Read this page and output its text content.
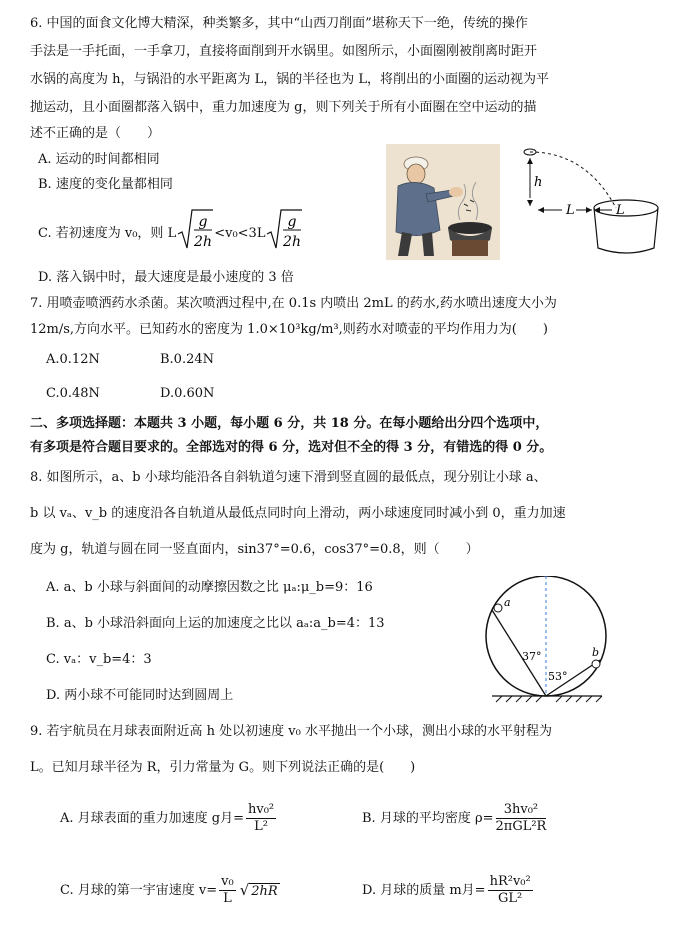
6. 中国的面食文化博大精深，种类繁多，其中“山西刀削面”堪称天下一绝，传统的操作
手法是一手托面，一手拿刀，直接将面削到开水锅里。如图所示，小面圈刚被削离时距开
水锅的高度为 h，与锅沿的水平距离为 L，锅的半径也为 L，将削出的小面圈的运动视为平
抛运动，且小面圈都落入锅中，重力加速度为 g，则下列关于所有小面圈在空中运动的描
述不正确的是（　　）
A. 运动的时间都相同
B. 速度的变化量都相同
C. 若初速度为 v₀，则 L
g
2h
<v₀<3L
g
2h
D. 落入锅中时，最大速度是最小速度的 3 倍
h
L	L
7. 用喷壶喷洒药水杀菌。某次喷洒过程中,在 0.1s 内喷出 2mL 的药水,药水喷出速度大小为
12m/s,方向水平。已知药水的密度为 1.0×10³kg/m³,则药水对喷壶的平均作用力为(　　)
A.0.12N	B.0.24N
C.0.48N	D.0.60N
二、多项选择题：本题共 3 小题，每小题 6 分，共 18 分。在每小题给出分四个选项中，
有多项是符合题目要求的。全部选对的得 6 分，选对但不全的得 3 分，有错选的得 0 分。
8. 如图所示，a、b 小球均能沿各自斜轨道匀速下滑到竖直圆的最低点，现分别让小球 a、
b 以 vₐ、v_b 的速度沿各自轨道从最低点同时向上滑动，两小球速度同时减小到 0，重力加速
度为 g，轨道与圆在同一竖直面内，sin37°=0.6，cos37°=0.8，则（　　）
A. a、b 小球与斜面间的动摩擦因数之比 μₐ:μ_b=9：16
B. a、b 小球沿斜面向上运的加速度之比以 aₐ:a_b=4：13
C. vₐ：v_b=4：3
D. 两小球不可能同时达到圆周上
a
b
37°
53°
9. 若宇航员在月球表面附近高 h 处以初速度 v₀ 水平抛出一个小球，测出小球的水平射程为
L。已知月球半径为 R，引力常量为 G。则下列说法正确的是(　　)
A. 月球表面的重力加速度 g月= $\frac{\text{hv₀²}}{\text{L²}}$	B. 月球的平均密度 $\rho= \frac{\text{3hv₀²}}{\text{2πGL²R}}$
C. 月球的第一宇宙速度 $v= \frac{\text{v₀}}{L}$ √ 2hR	D. 月球的质量 m月= $\frac{\text{hR²v₀²}}{\text{GL²}}$
